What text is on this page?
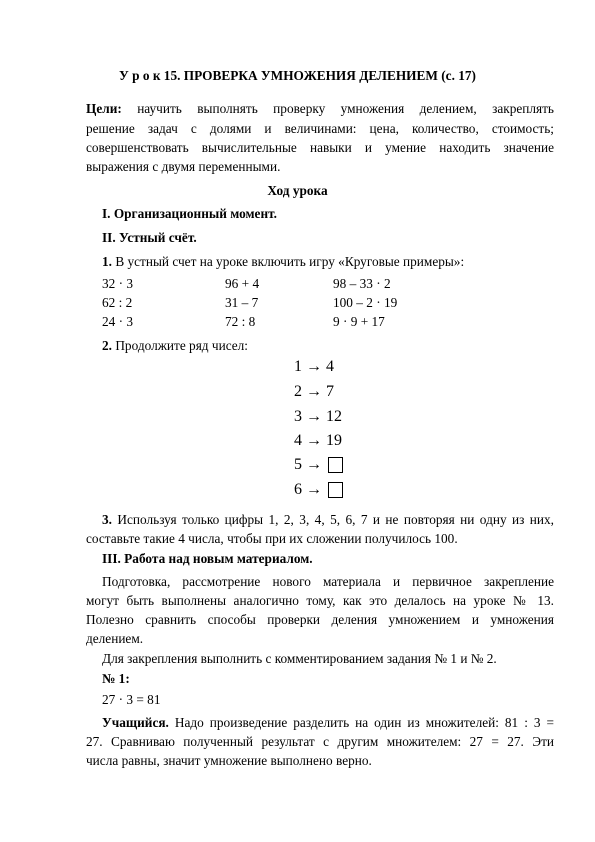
У р о к 15. ПРОВЕРКА УМНОЖЕНИЯ ДЕЛЕНИЕМ (с. 17)
Цели: научить выполнять проверку умножения делением, закреплять
решение задач с долями и величинами: цена, количество, стоимость;
совершенствовать вычислительные навыки и умение находить значение
выражения с двумя переменными.
Ход урока
I. Организационный момент.
II. Устный счёт.
1. В устный счет на уроке включить игру «Круговые примеры»:
32 · 3	96 + 4	98 – 33 · 2
62 : 2	31 – 7	100 – 2 · 19
24 · 3	72 : 8	9 · 9 + 17
2. Продолжите ряд чисел:
1 → 4
2 → 7
3 → 12
4 → 19
5 →
6 →
3. Используя только цифры 1, 2, 3, 4, 5, 6, 7 и не повторяя ни одну из них,
составьте такие 4 числа, чтобы при их сложении получилось 100.
III. Работа над новым материалом.
Подготовка, рассмотрение нового материала и первичное закрепление
могут быть выполнены аналогично тому, как это делалось на уроке № 13.
Полезно сравнить способы проверки деления умножением и умножения
делением.
Для закрепления выполнить с комментированием задания № 1 и № 2.
№ 1:
27 · 3 = 81
Учащийся. Надо произведение разделить на один из множителей: 81 : 3 =
27. Сравниваю полученный результат с другим множителем: 27 = 27. Эти
числа равны, значит умножение выполнено верно.
